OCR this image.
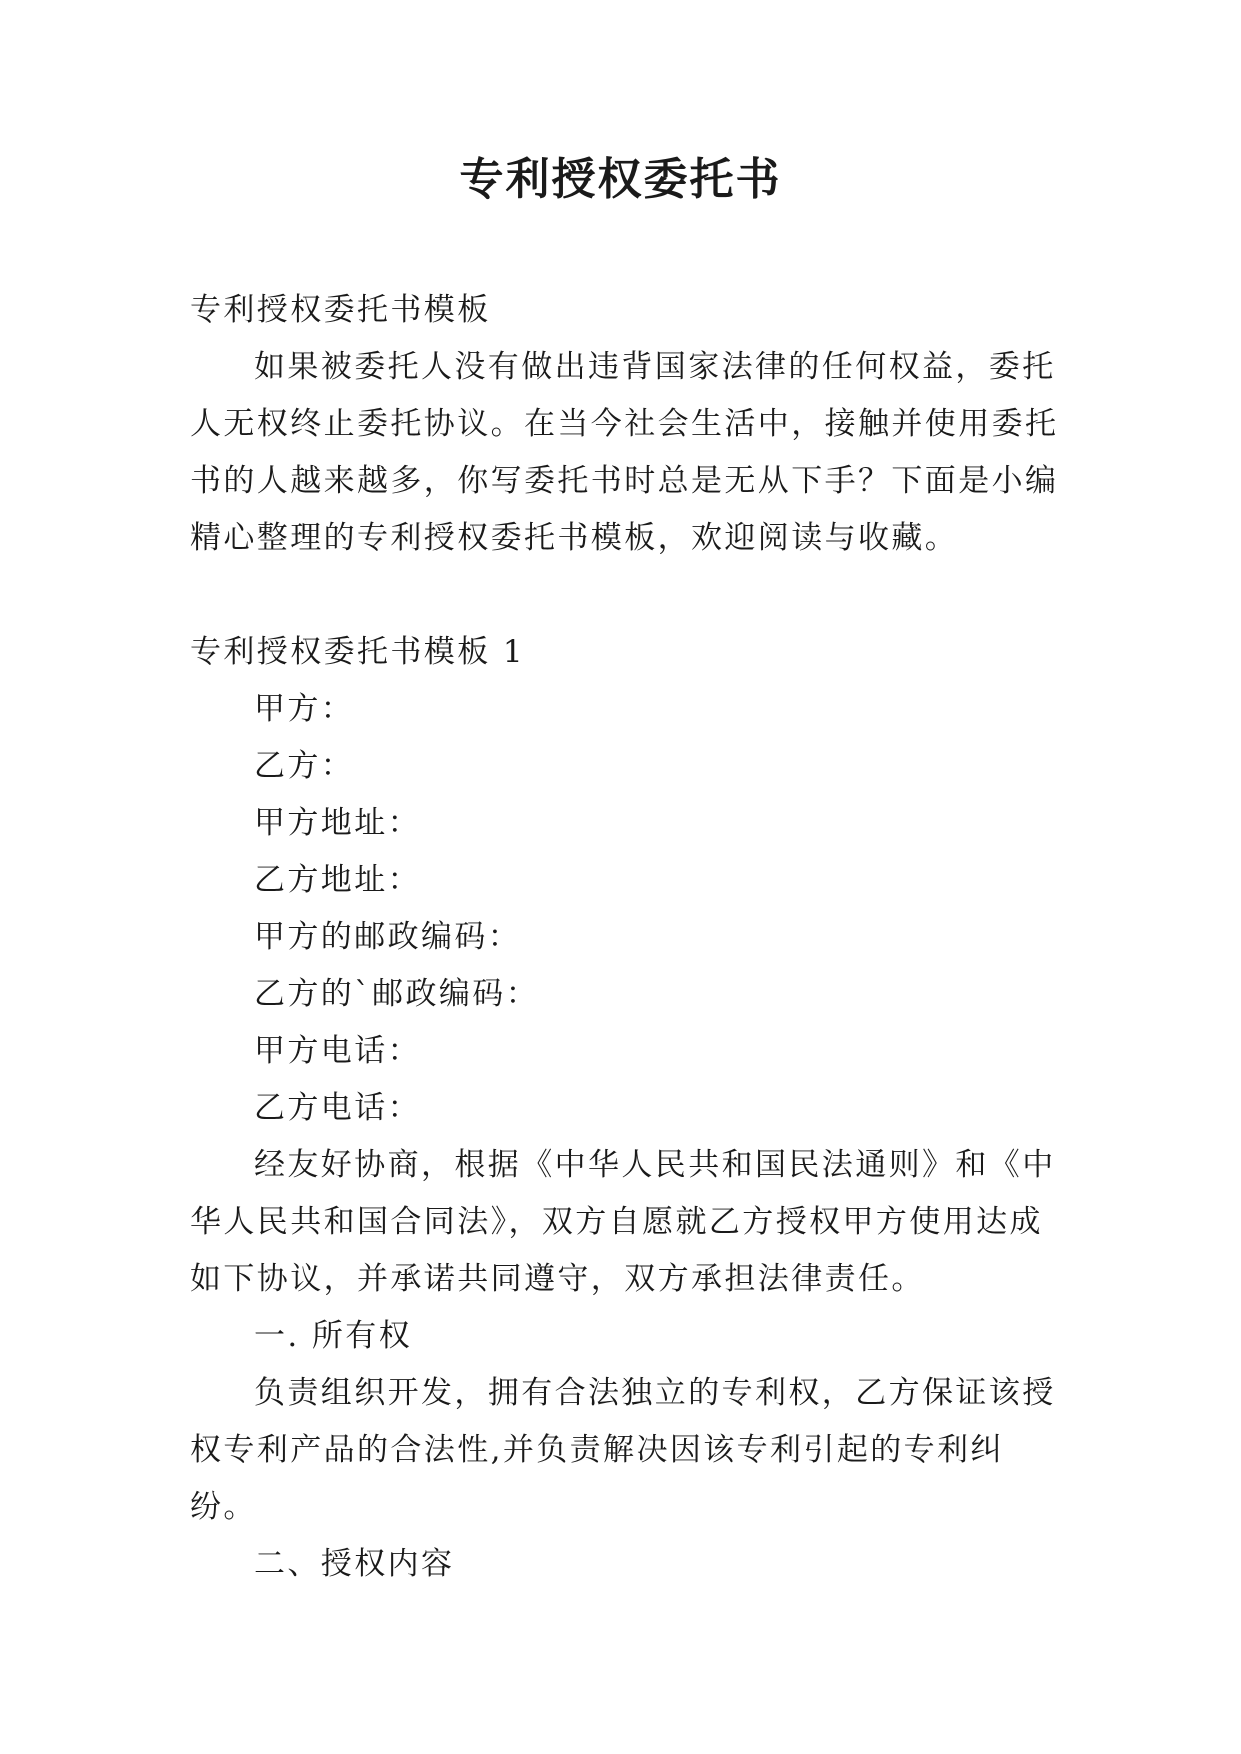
专利授权委托书

专利授权委托书模板

如果被委托人没有做出违背国家法律的任何权益，委托人无权终止委托协议。在当今社会生活中，接触并使用委托书的人越来越多，你写委托书时总是无从下手？下面是小编精心整理的专利授权委托书模板，欢迎阅读与收藏。

专利授权委托书模板 1

甲方：

乙方：

甲方地址：

乙方地址：

甲方的邮政编码：

乙方的`邮政编码：

甲方电话：

乙方电话：

经友好协商，根据《中华人民共和国民法通则》和《中华人民共和国合同法》，双方自愿就乙方授权甲方使用达成如下协议，并承诺共同遵守，双方承担法律责任。

一. 所有权

负责组织开发，拥有合法独立的专利权，乙方保证该授权专利产品的合法性,并负责解决因该专利引起的专利纠纷。

二、授权内容
